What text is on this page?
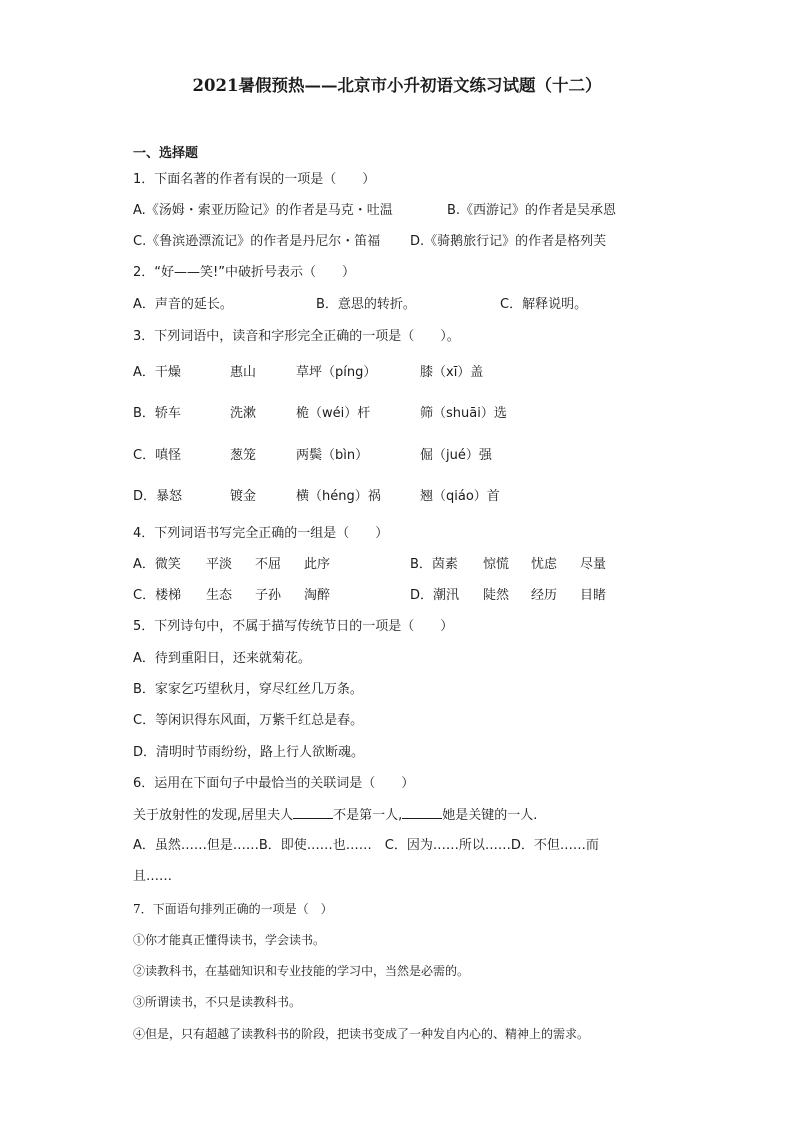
2021暑假预热——北京市小升初语文练习试题（十二）
一、选择题
1．下面名著的作者有误的一项是（　　）
A.《汤姆・索亚历险记》的作者是马克・吐温	B.《西游记》的作者是吴承恩
C.《鲁滨逊漂流记》的作者是丹尼尔・笛福 D.《骑鹅旅行记》的作者是格列芙
2．“好——笑!”中破折号表示（　　）
A．声音的延长。	B．意思的转折。	C．解释说明。
3．下列词语中，读音和字形完全正确的一项是（　　）。
A．干燥	惠山	草坪（píng）	膝（xī）盖
B．轿车	洗漱	桅（wéi）杆	筛（shuāi）选
C．嗔怪	葱笼	两鬓（bìn）	倔（jué）强
D．暴怒	镀金	横（héng）祸	翘（qiáo）首
4．下列词语书写完全正确的一组是（　　）
A．微笑 平淡 不屈 此序	B．茵素 惊慌 忧虑 尽量
C．楼梯 生态 子孙 淘醉	D．潮汛 陡然 经历 目睹
5．下列诗句中，不属于描写传统节日的一项是（　　）
A．待到重阳日，还来就菊花。
B．家家乞巧望秋月，穿尽红丝几万条。
C．等闲识得东风面，万紫千红总是春。
D．清明时节雨纷纷，路上行人欲断魂。
6．运用在下面句子中最恰当的关联词是（　　）
关于放射性的发现,居里夫人	不是第一人,	她是关键的一人.
A．虽然……但是……B．即使……也……　C．因为……所以……D．不但……而
且……
7．下面语句排列正确的一项是（　）
①你才能真正懂得读书，学会读书。
②读教科书，在基础知识和专业技能的学习中，当然是必需的。
③所谓读书，不只是读教科书。
④但是，只有超越了读教科书的阶段，把读书变成了一种发自内心的、精神上的需求。
